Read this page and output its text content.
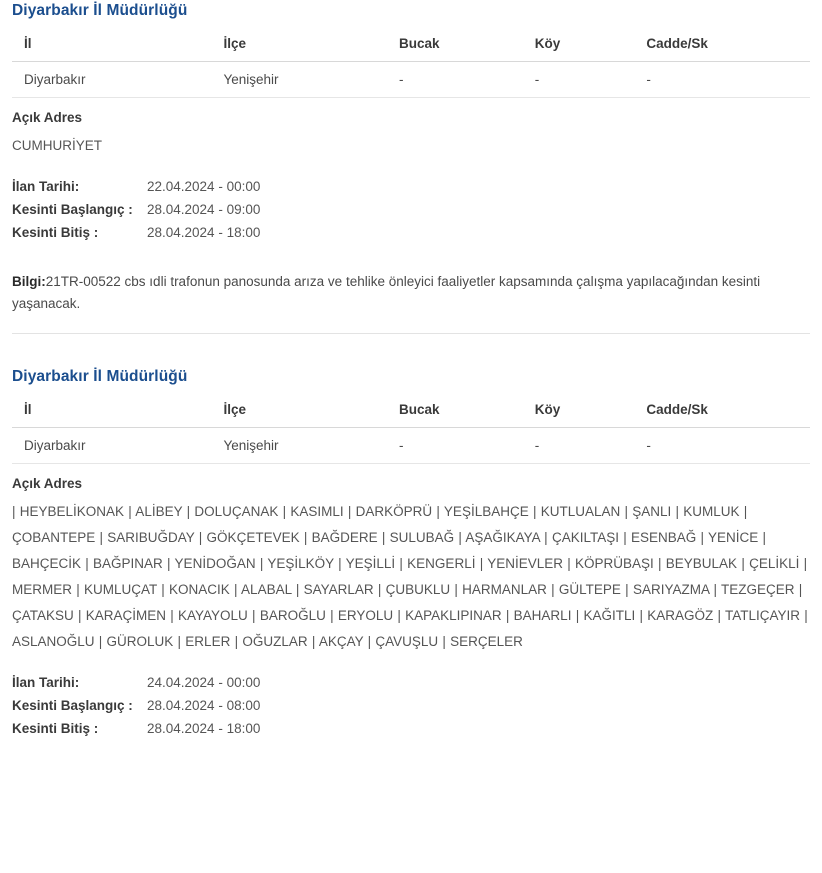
Diyarbakır İl Müdürlüğü
İl	İlçe	Bucak	Köy	Cadde/Sk
Diyarbakır	Yenişehir	-	-	-
Açık Adres

CUMHURİYET

İlan Tarihi:	22.04.2024 - 00:00
Kesinti Başlangıç :	28.04.2024 - 09:00
Kesinti Bitiş :	28.04.2024 - 18:00

Bilgi:21TR-00522 cbs ıdli trafonun panosunda arıza ve tehlike önleyici faaliyetler kapsamında çalışma yapılacağından kesinti yaşanacak.

Diyarbakır İl Müdürlüğü
İl	İlçe	Bucak	Köy	Cadde/Sk
Diyarbakır	Yenişehir	-	-	-
Açık Adres

| HEYBELİKONAK | ALİBEY | DOLUÇANAK | KASIMLI | DARKÖPRÜ | YEŞİLBAHÇE | KUTLUALAN | ŞANLI | KUMLUK | ÇOBANTEPE | SARIBUĞDAY | GÖKÇETEVEK | BAĞDERE | SULUBAĞ | AŞAĞIKAYA | ÇAKILTAŞI | ESENBAĞ | YENİCE | BAHÇECİK | BAĞPINAR | YENİDOĞAN | YEŞİLKÖY | YEŞİLLİ | KENGERLİ | YENİEVLER | KÖPRÜBAŞI | BEYBULAK | ÇELİKLİ | MERMER | KUMLUÇAT | KONACIK | ALABAL | SAYARLAR | ÇUBUKLU | HARMANLAR | GÜLTEPE | SARIYAZMA | TEZGEÇER | ÇATAKSU | KARAÇİMEN | KAYAYOLU | BAROĞLU | ERYOLU | KAPAKLIPINAR | BAHARLI | KAĞITLI | KARAGÖZ | TATLIÇAYIR | ASLANOĞLU | GÜROLUK | ERLER | OĞUZLAR | AKÇAY | ÇAVUŞLU | SERÇELER

İlan Tarihi:	24.04.2024 - 00:00
Kesinti Başlangıç :	28.04.2024 - 08:00
Kesinti Bitiş :	28.04.2024 - 18:00
